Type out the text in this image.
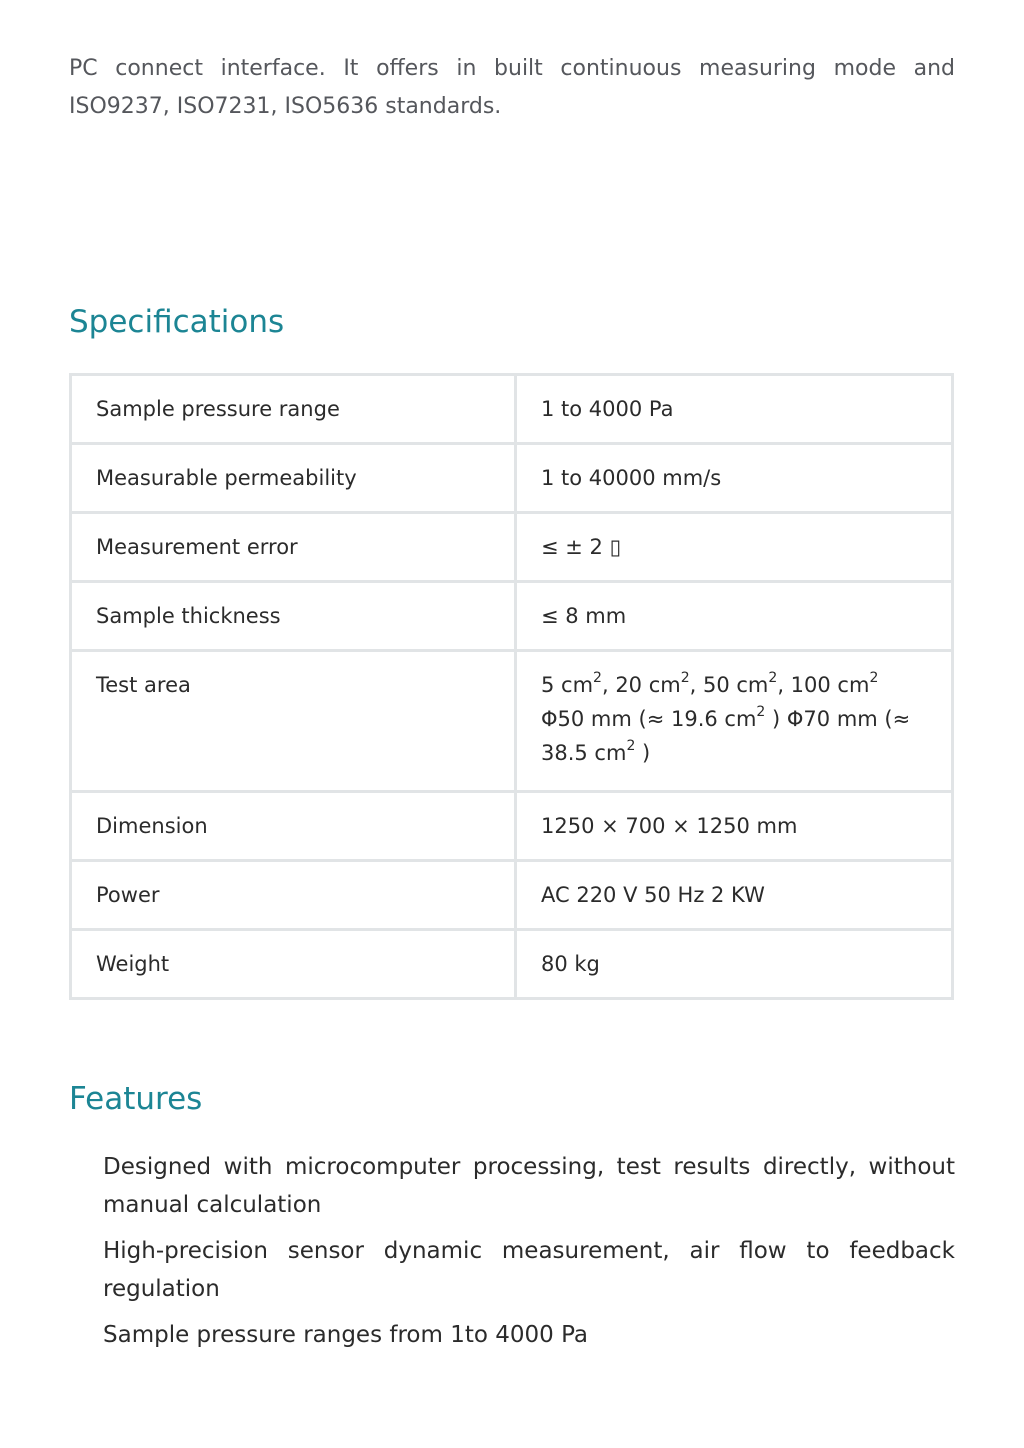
PC connect interface. It offers in built continuous measuring mode and
ISO9237, ISO7231, ISO5636 standards.

Specifications
Sample pressure range	1 to 4000 Pa
Measurable permeability	1 to 40000 mm/s
Measurement error	≤ ± 2 ▯
Sample thickness	≤ 8 mm
Test area	5 $cm^2$, 20 $cm^2$, 50 $cm^2$, 100 $cm^2$
Φ50 mm (≈ 19.6 $cm^2$ ) Φ70 mm (≈ 38.5 $cm^2$ )
Dimension	1250 × 700 × 1250 mm
Power	AC 220 V 50 Hz 2 KW
Weight	80 kg
Features
Designed with microcomputer processing, test results directly, without manual calculation
High-precision sensor dynamic measurement, air flow to feedback regulation
Sample pressure ranges from 1to 4000 Pa
